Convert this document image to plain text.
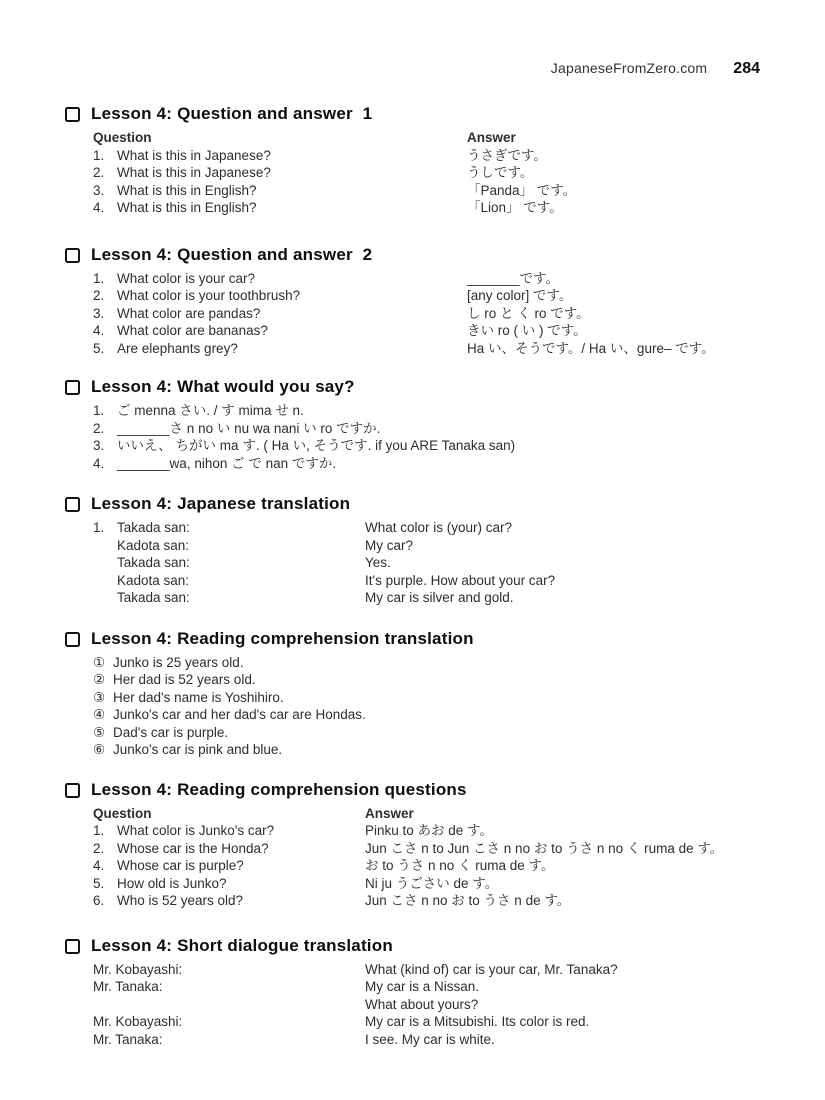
JapaneseFromZero.com 284
Lesson 4: Question and answer  1
Question	Answer
1. What is this in Japanese?	うさぎです。
2. What is this in Japanese?	うしです。
3. What is this in English?	「Panda」 です。
4. What is this in English?	「Lion」 です。
Lesson 4: Question and answer  2
1. What color is your car?	_______です。
2. What color is your toothbrush?	[any color] です。
3. What color are pandas?	し ro と く ro です。
4. What color are bananas?	きい ro ( い ) です。
5. Are elephants grey?	Ha い、そうです。/ Ha い、gure– です。
Lesson 4: What would you say?
1. ご menna さい. / す mima せ n.
2. _______さ n no い nu wa nani い ro ですか.
3. いいえ、 ちがい ma す. ( Ha い, そうです. if you ARE Tanaka san)
4. _______wa, nihon ご で nan ですか.
Lesson 4: Japanese translation
1. Takada san:	What color is (your) car?
Kadota san:	My car?
Takada san:	Yes.
Kadota san:	It's purple. How about your car?
Takada san:	My car is silver and gold.
Lesson 4: Reading comprehension translation
① Junko is 25 years old.
② Her dad is 52 years old.
③ Her dad's name is Yoshihiro.
④ Junko's car and her dad's car are Hondas.
⑤ Dad's car is purple.
⑥ Junko's car is pink and blue.
Lesson 4: Reading comprehension questions
Question	Answer
1. What color is Junko's car?	Pinku to あお de す。
2. Whose car is the Honda?	Jun こさ n to Jun こさ n no お to うさ n no く ruma de す。
4. Whose car is purple?	お to うさ n no く ruma de す。
5. How old is Junko?	Ni ju うごさい de す。
6. Who is 52 years old?	Jun こさ n no お to うさ n de す。
Lesson 4: Short dialogue translation
Mr. Kobayashi:	What (kind of) car is your car, Mr. Tanaka?
Mr. Tanaka:	My car is a Nissan.
What about yours?
Mr. Kobayashi:	My car is a Mitsubishi. Its color is red.
Mr. Tanaka:	I see. My car is white.
